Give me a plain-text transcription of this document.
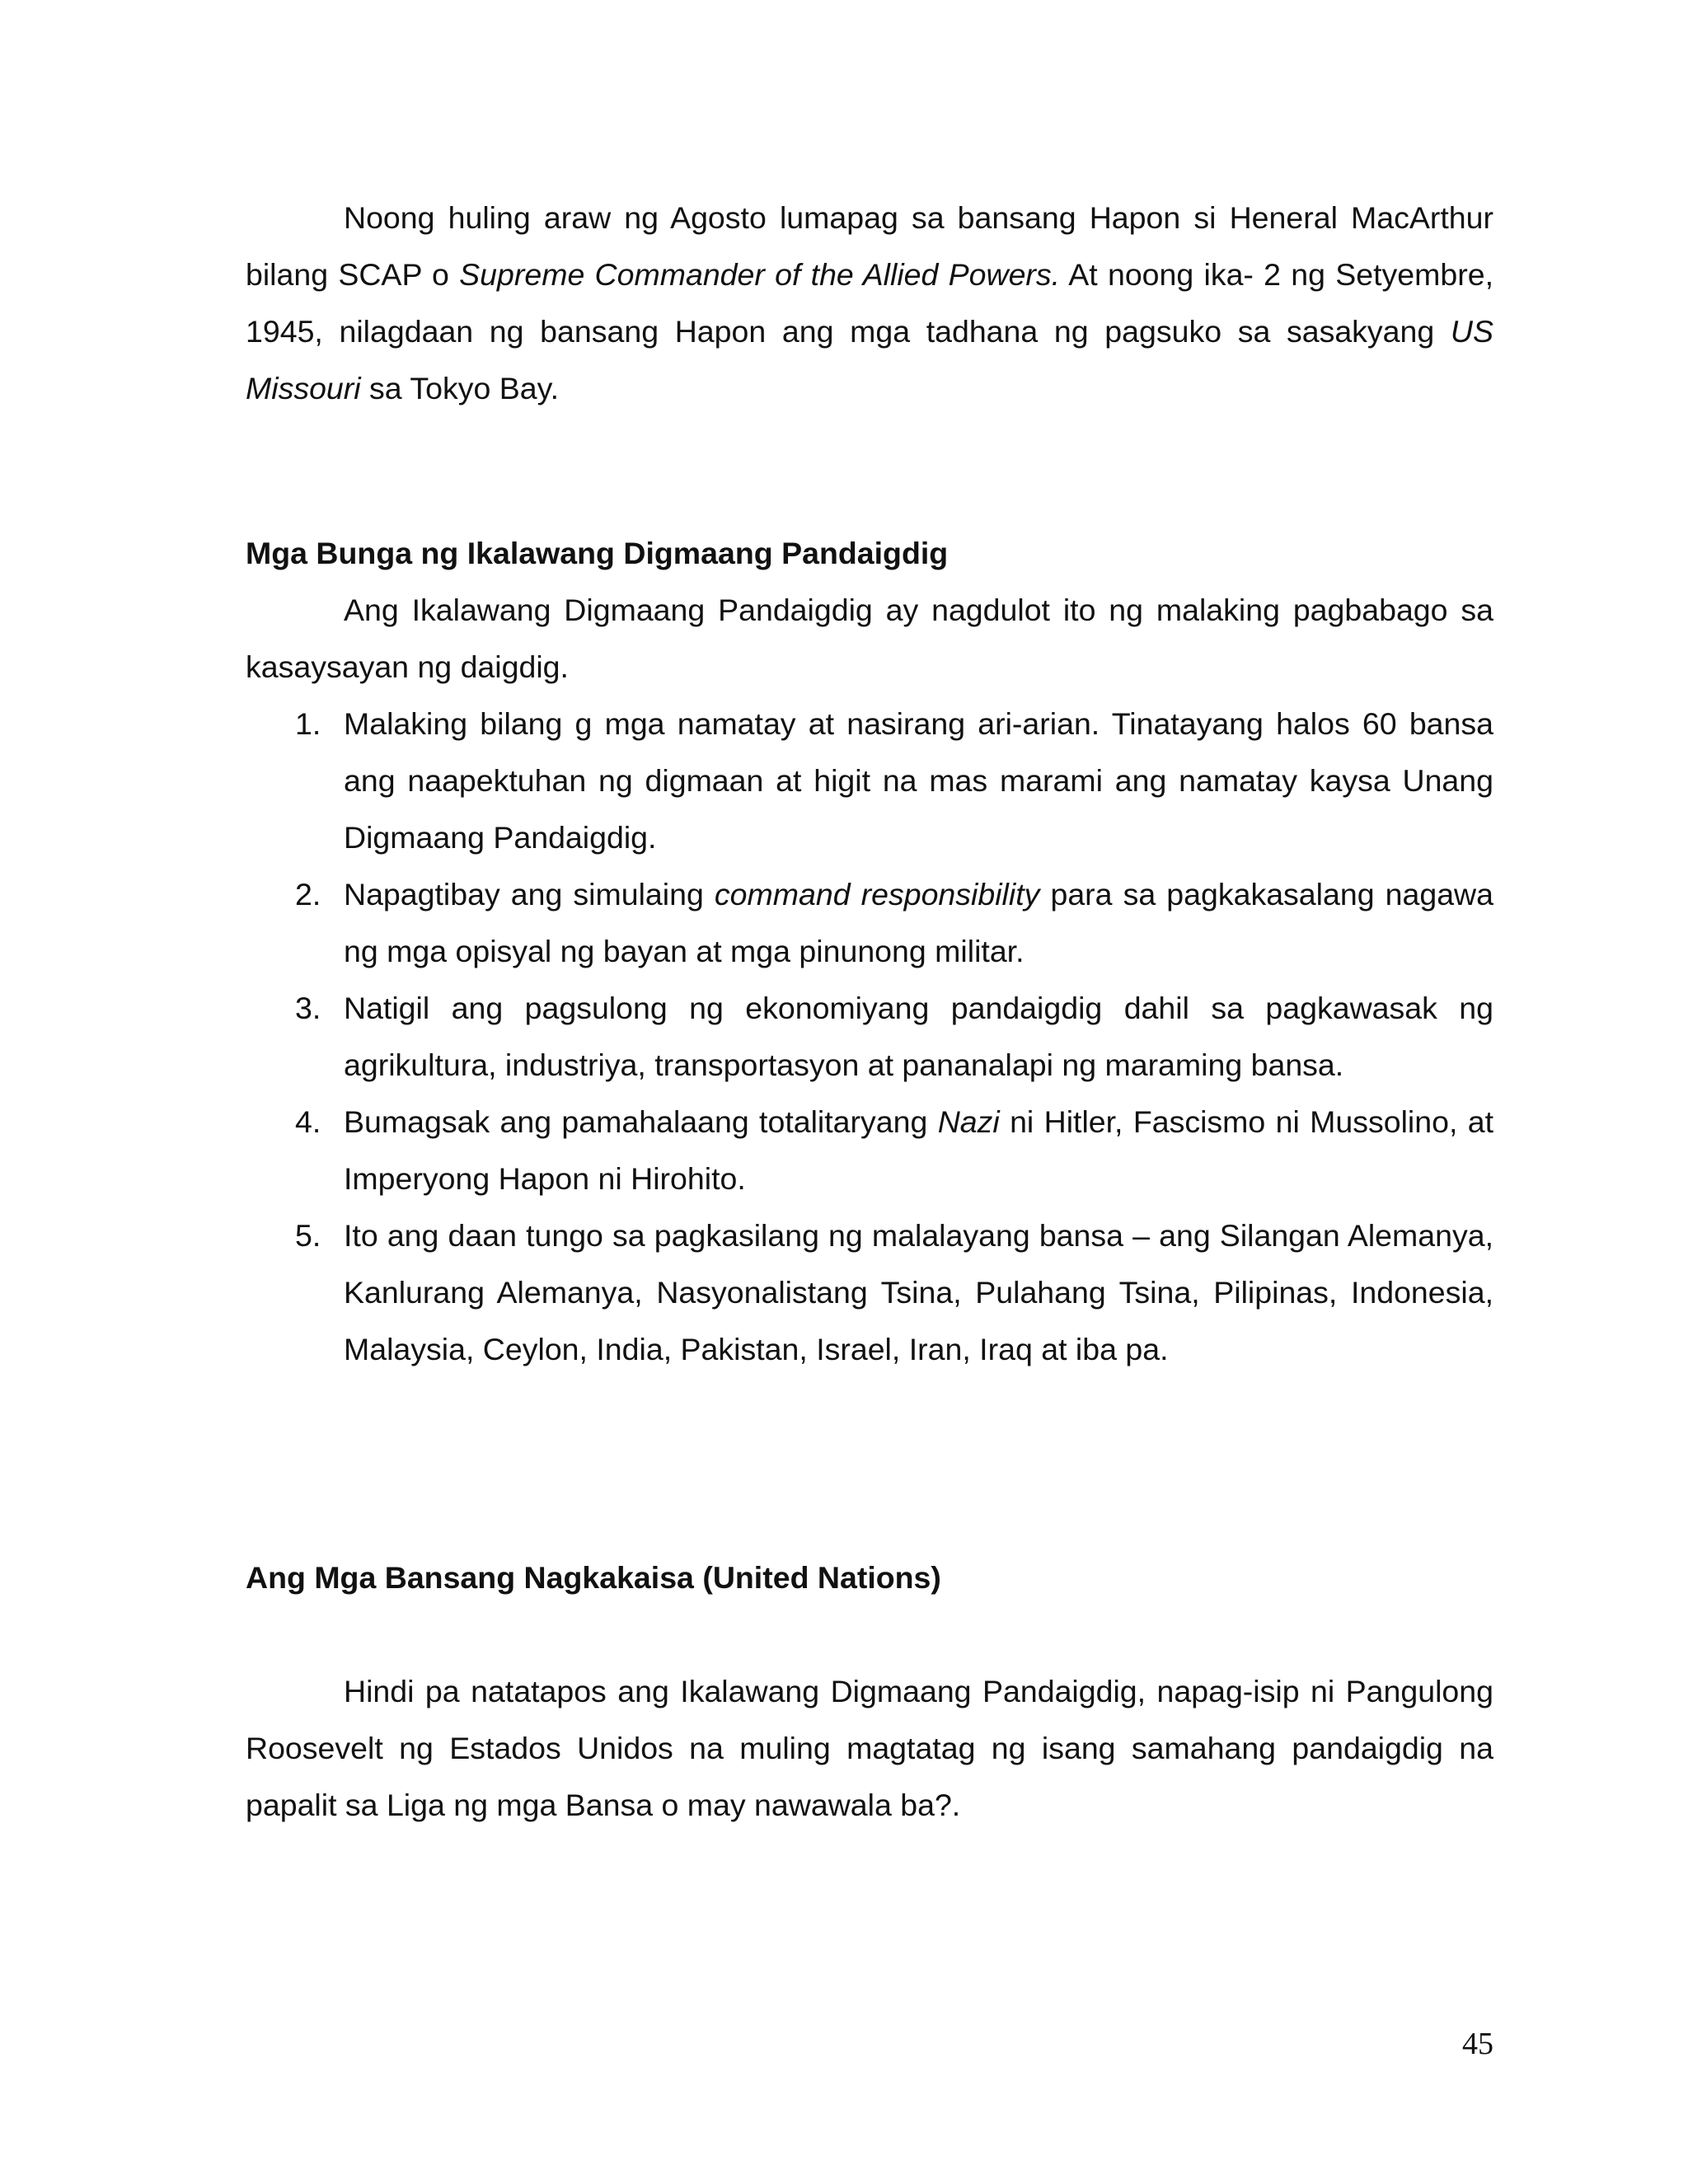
Noong huling araw ng Agosto lumapag sa bansang Hapon si Heneral MacArthur bilang SCAP o Supreme Commander of the Allied Powers. At noong ika- 2 ng Setyembre, 1945, nilagdaan ng bansang Hapon ang mga tadhana ng pagsuko sa sasakyang US Missouri sa Tokyo Bay.

Mga Bunga ng Ikalawang Digmaang Pandaigdig

Ang Ikalawang Digmaang Pandaigdig ay nagdulot ito ng malaking pagbabago sa kasaysayan ng daigdig.

1. Malaking bilang g mga namatay at nasirang ari-arian. Tinatayang halos 60 bansa ang naapektuhan ng digmaan at higit na mas marami ang namatay kaysa Unang Digmaang Pandaigdig.
2. Napagtibay ang simulaing command responsibility para sa pagkakasalang nagawa ng mga opisyal ng bayan at mga pinunong militar.
3. Natigil ang pagsulong ng ekonomiyang pandaigdig dahil sa pagkawasak ng agrikultura, industriya, transportasyon at pananalapi ng maraming bansa.
4. Bumagsak ang pamahalaang totalitaryang Nazi ni Hitler, Fascismo ni Mussolino, at Imperyong Hapon ni Hirohito.
5. Ito ang daan tungo sa pagkasilang ng malalayang bansa – ang Silangan Alemanya, Kanlurang Alemanya, Nasyonalistang Tsina, Pulahang Tsina, Pilipinas, Indonesia, Malaysia, Ceylon, India, Pakistan, Israel, Iran, Iraq at iba pa.
Ang Mga Bansang Nagkakaisa (United Nations)

Hindi pa natatapos ang Ikalawang Digmaang Pandaigdig, napag-isip ni Pangulong Roosevelt ng Estados Unidos na muling magtatag ng isang samahang pandaigdig na papalit sa Liga ng mga Bansa o may nawawala ba?.

45
